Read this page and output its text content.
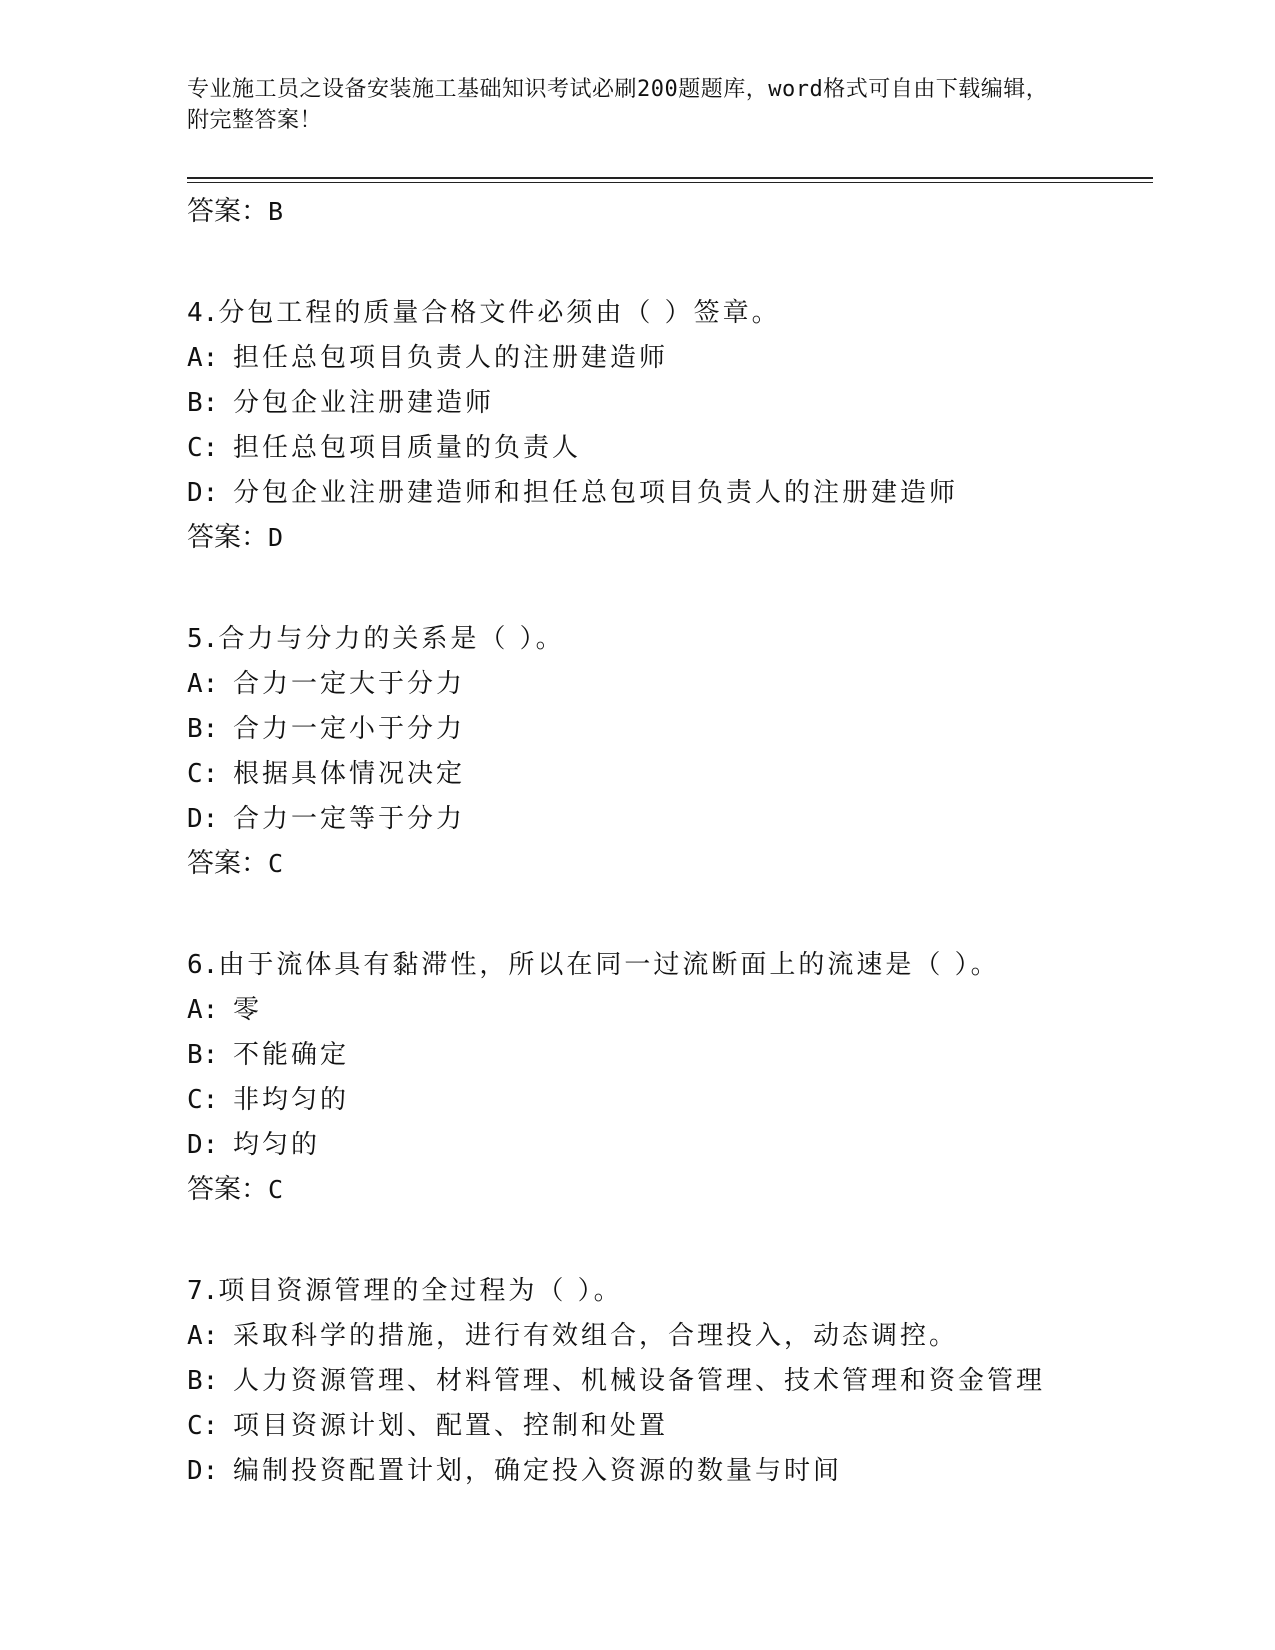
专业施工员之设备安装施工基础知识考试必刷200题题库，word格式可自由下载编辑，附完整答案！
答案：B
4.分包工程的质量合格文件必须由（ ）签章。
A: 担任总包项目负责人的注册建造师
B: 分包企业注册建造师
C: 担任总包项目质量的负责人
D: 分包企业注册建造师和担任总包项目负责人的注册建造师
答案：D
5.合力与分力的关系是（ ）。
A: 合力一定大于分力
B: 合力一定小于分力
C: 根据具体情况决定
D: 合力一定等于分力
答案：C
6.由于流体具有黏滞性，所以在同一过流断面上的流速是（ ）。
A: 零
B: 不能确定
C: 非均匀的
D: 均匀的
答案：C
7.项目资源管理的全过程为（ ）。
A: 采取科学的措施，进行有效组合，合理投入，动态调控。
B: 人力资源管理、材料管理、机械设备管理、技术管理和资金管理
C: 项目资源计划、配置、控制和处置
D: 编制投资配置计划，确定投入资源的数量与时间
